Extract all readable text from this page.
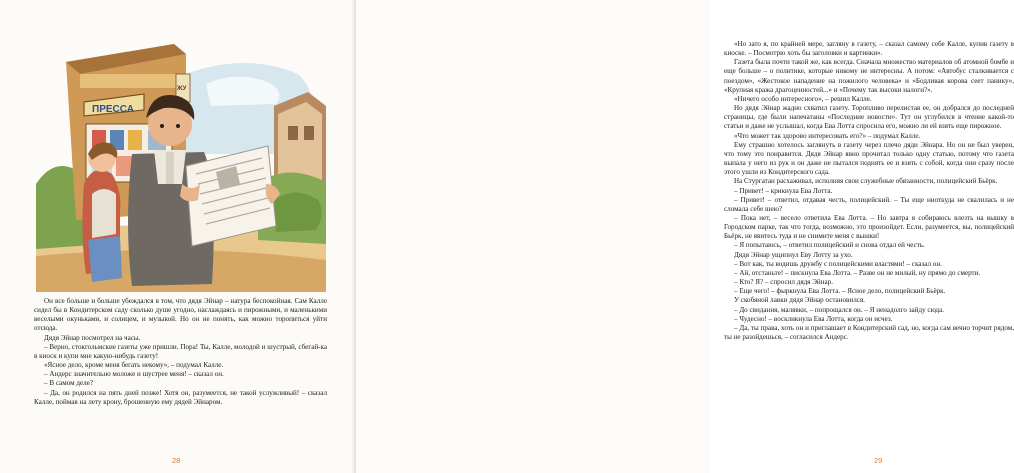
ПРЕССА
ЖУ

Он все больше и больше убеждался в том, что дядя Эйнар – натура беспокойная. Сам Калле сидел бы в Кондитерском саду сколько душе угодно, наслаждаясь и пирожными, и маленькими веселыми окуньками, и солнцем, и музыкой. Но он не понять, как можно торопиться уйти отсюда.

Дядя Эйнар посмотрел на часы.

– Верно, стокгольмские газеты уже пришли. Пора! Ты, Калле, молодой и шустрый, сбегай-ка в киоск и купи мне какую-нибудь газету!

«Ясное дело, кроме меня бегать некому», – подумал Калле.

– Андерс значительно моложе и шустрее меня! – сказал он.

– В самом деле?

– Да, он родился на пять дней позже! Хотя он, разумеется, не такой услужливый! – сказал Калле, поймав на лету крону, брошенную ему дядей Эйнаром.

28

«Но зато я, по крайней мере, загляну в газету, – сказал самому себе Калле, купив газету в киоске. – Посмотрю хоть бы заголовки и картинки».

Газета была почти такой же, как всегда. Сначала множество материалов об атомной бомбе и еще больше – о политике, которые никому не интересны. А потом: «Автобус сталкивается с поездом», «Жестокое нападение на пожилого человека» и «Бодливая корова сеет панику», «Крупная кража драгоценностей...» и «Почему так высоки налоги?».

«Ничего особо интересного», – решил Калле.

Но дядя Эйнар жадно схватил газету. Торопливо перелистав ее, он добрался до последней страницы, где были напечатаны «Последние новости». Тут он углубился в чтение какой-то статьи и даже не услышал, когда Ева Лотта спросила его, можно ли ей взять еще пирожное.

«Что может так здорово интересовать его?» – подумал Калле.

Ему страшно хотелось заглянуть в газету через плечо дяди Эйнара. Но он не был уверен, что тому это понравится. Дядя Эйнар явно прочитал только одну статью, потому что газета выпала у него из рук и он даже не пытался поднять ее и взять с собой, когда они сразу после этого ушли из Кондитерского сада.

На Стургатан расхаживал, исполняя свои служебные обязанности, полицейский Бьёрк.

– Привет! – крикнула Ева Лотта.

– Привет! – ответил, отдавая честь, полицейский. – Ты еще ниоткуда не свалилась и не сломала себе шею?

– Пока нет, – весело ответила Ева Лотта. – Но завтра я собираюсь влезть на вышку в Городском парке, так что тогда, возможно, это произойдет. Если, разумеется, вы, полицейский Бьёрк, не явитесь туда и не снимите меня с вышки!

– Я попытаюсь, – ответил полицейский и снова отдал ей честь.

Дядя Эйнар ущипнул Еву Лотту за ухо.

– Вот как, ты водишь дружбу с полицейскими властями! – сказал он.

– Ай, отстаньте! – пискнула Ева Лотта. – Разве он не милый, ну прямо до смерти.

– Кто? Я? – спросил дядя Эйнар.

– Еще чего! – фыркнула Ева Лотта. – Ясное дело, полицейский Бьёрк.

У скобяной лавки дядя Эйнар остановился.

– До свидания, малявки, – попрощался он. – Я ненадолго зайду сюда.

– Чудесно! – воскликнула Ева Лотта, когда он исчез.

– Да, ты права, хоть он и приглашает в Кондитерский сад, но, когда сам вечно торчит рядом, ты не разойдешься, – согласился Андерс.

29
